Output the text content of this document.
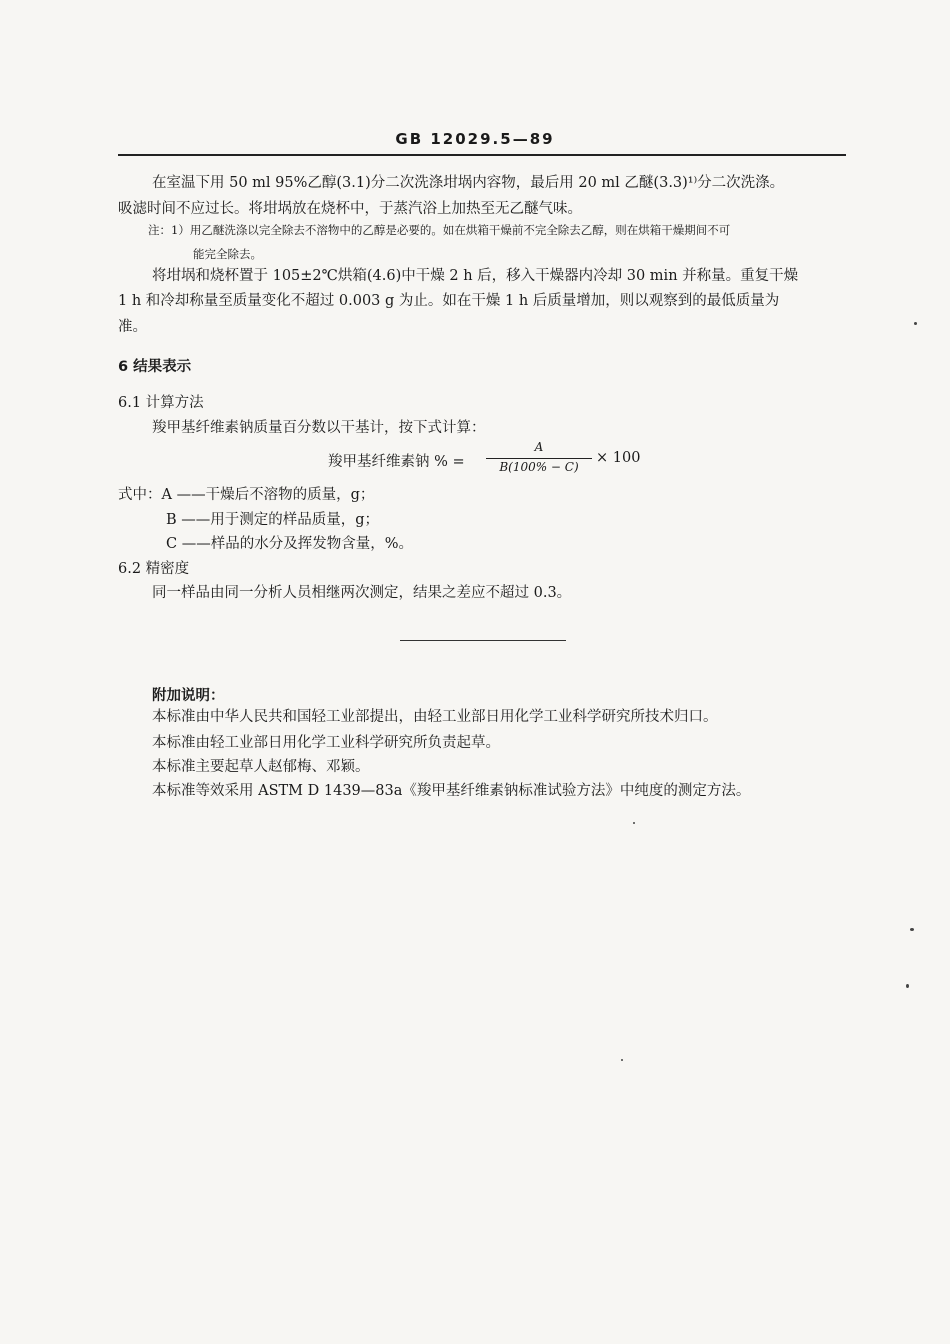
GB 12029.5—89
在室温下用 50 ml 95%乙醇(3.1)分二次洗涤坩埚内容物，最后用 20 ml 乙醚(3.3)¹⁾分二次洗涤。
吸滤时间不应过长。将坩埚放在烧杯中，于蒸汽浴上加热至无乙醚气味。
注：1）用乙醚洗涤以完全除去不溶物中的乙醇是必要的。如在烘箱干燥前不完全除去乙醇，则在烘箱干燥期间不可
能完全除去。
将坩埚和烧杯置于 105±2℃烘箱(4.6)中干燥 2 h 后，移入干燥器内冷却 30 min 并称量。重复干燥
1 h 和冷却称量至质量变化不超过 0.003 g 为止。如在干燥 1 h 后质量增加，则以观察到的最低质量为
准。
6 结果表示
6.1 计算方法
羧甲基纤维素钠质量百分数以干基计，按下式计算：
羧甲基纤维素钠 % =
A
B(100% − C)
× 100
式中：A ——干燥后不溶物的质量，g；
B ——用于测定的样品质量，g；
C ——样品的水分及挥发物含量，%。
6.2 精密度
同一样品由同一分析人员相继两次测定，结果之差应不超过 0.3。
附加说明：
本标准由中华人民共和国轻工业部提出，由轻工业部日用化学工业科学研究所技术归口。
本标准由轻工业部日用化学工业科学研究所负责起草。
本标准主要起草人赵郁梅、邓颖。
本标准等效采用 ASTM D 1439—83a《羧甲基纤维素钠标准试验方法》中纯度的测定方法。
